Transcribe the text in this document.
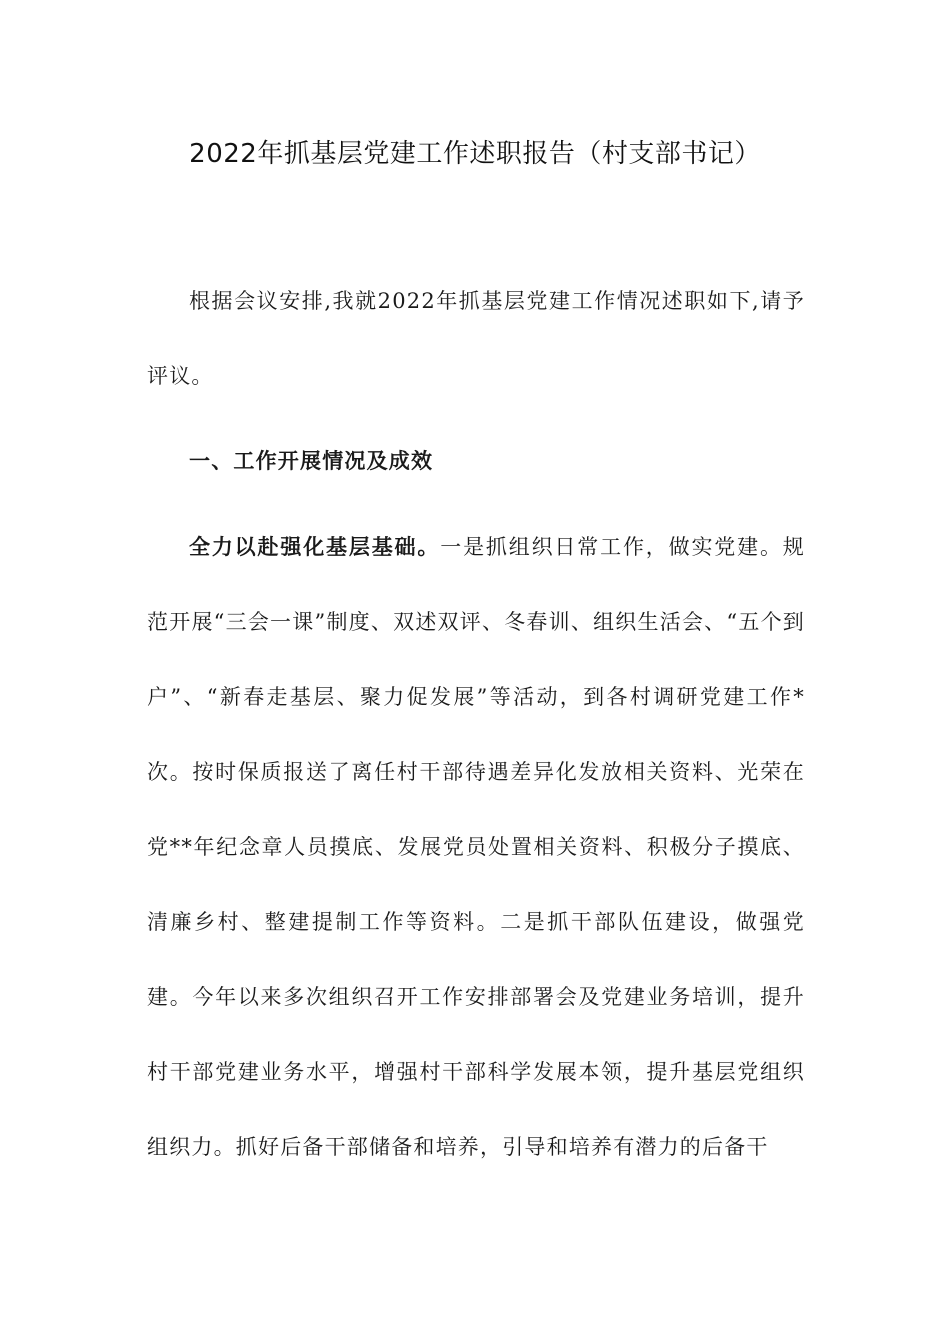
2022年抓基层党建工作述职报告（村支部书记）

根据会议安排,我就2022年抓基层党建工作情况述职如下,请予评议。

一、工作开展情况及成效

全力以赴强化基层基础。一是抓组织日常工作，做实党建。规范开展“三会一课”制度、双述双评、冬春训、组织生活会、“五个到户”、“新春走基层、聚力促发展”等活动，到各村调研党建工作*次。按时保质报送了离任村干部待遇差异化发放相关资料、光荣在党**年纪念章人员摸底、发展党员处置相关资料、积极分子摸底、清廉乡村、整建提制工作等资料。二是抓干部队伍建设，做强党建。今年以来多次组织召开工作安排部署会及党建业务培训，提升村干部党建业务水平，增强村干部科学发展本领，提升基层党组织组织力。抓好后备干部储备和培养，引导和培养有潜力的后备干
